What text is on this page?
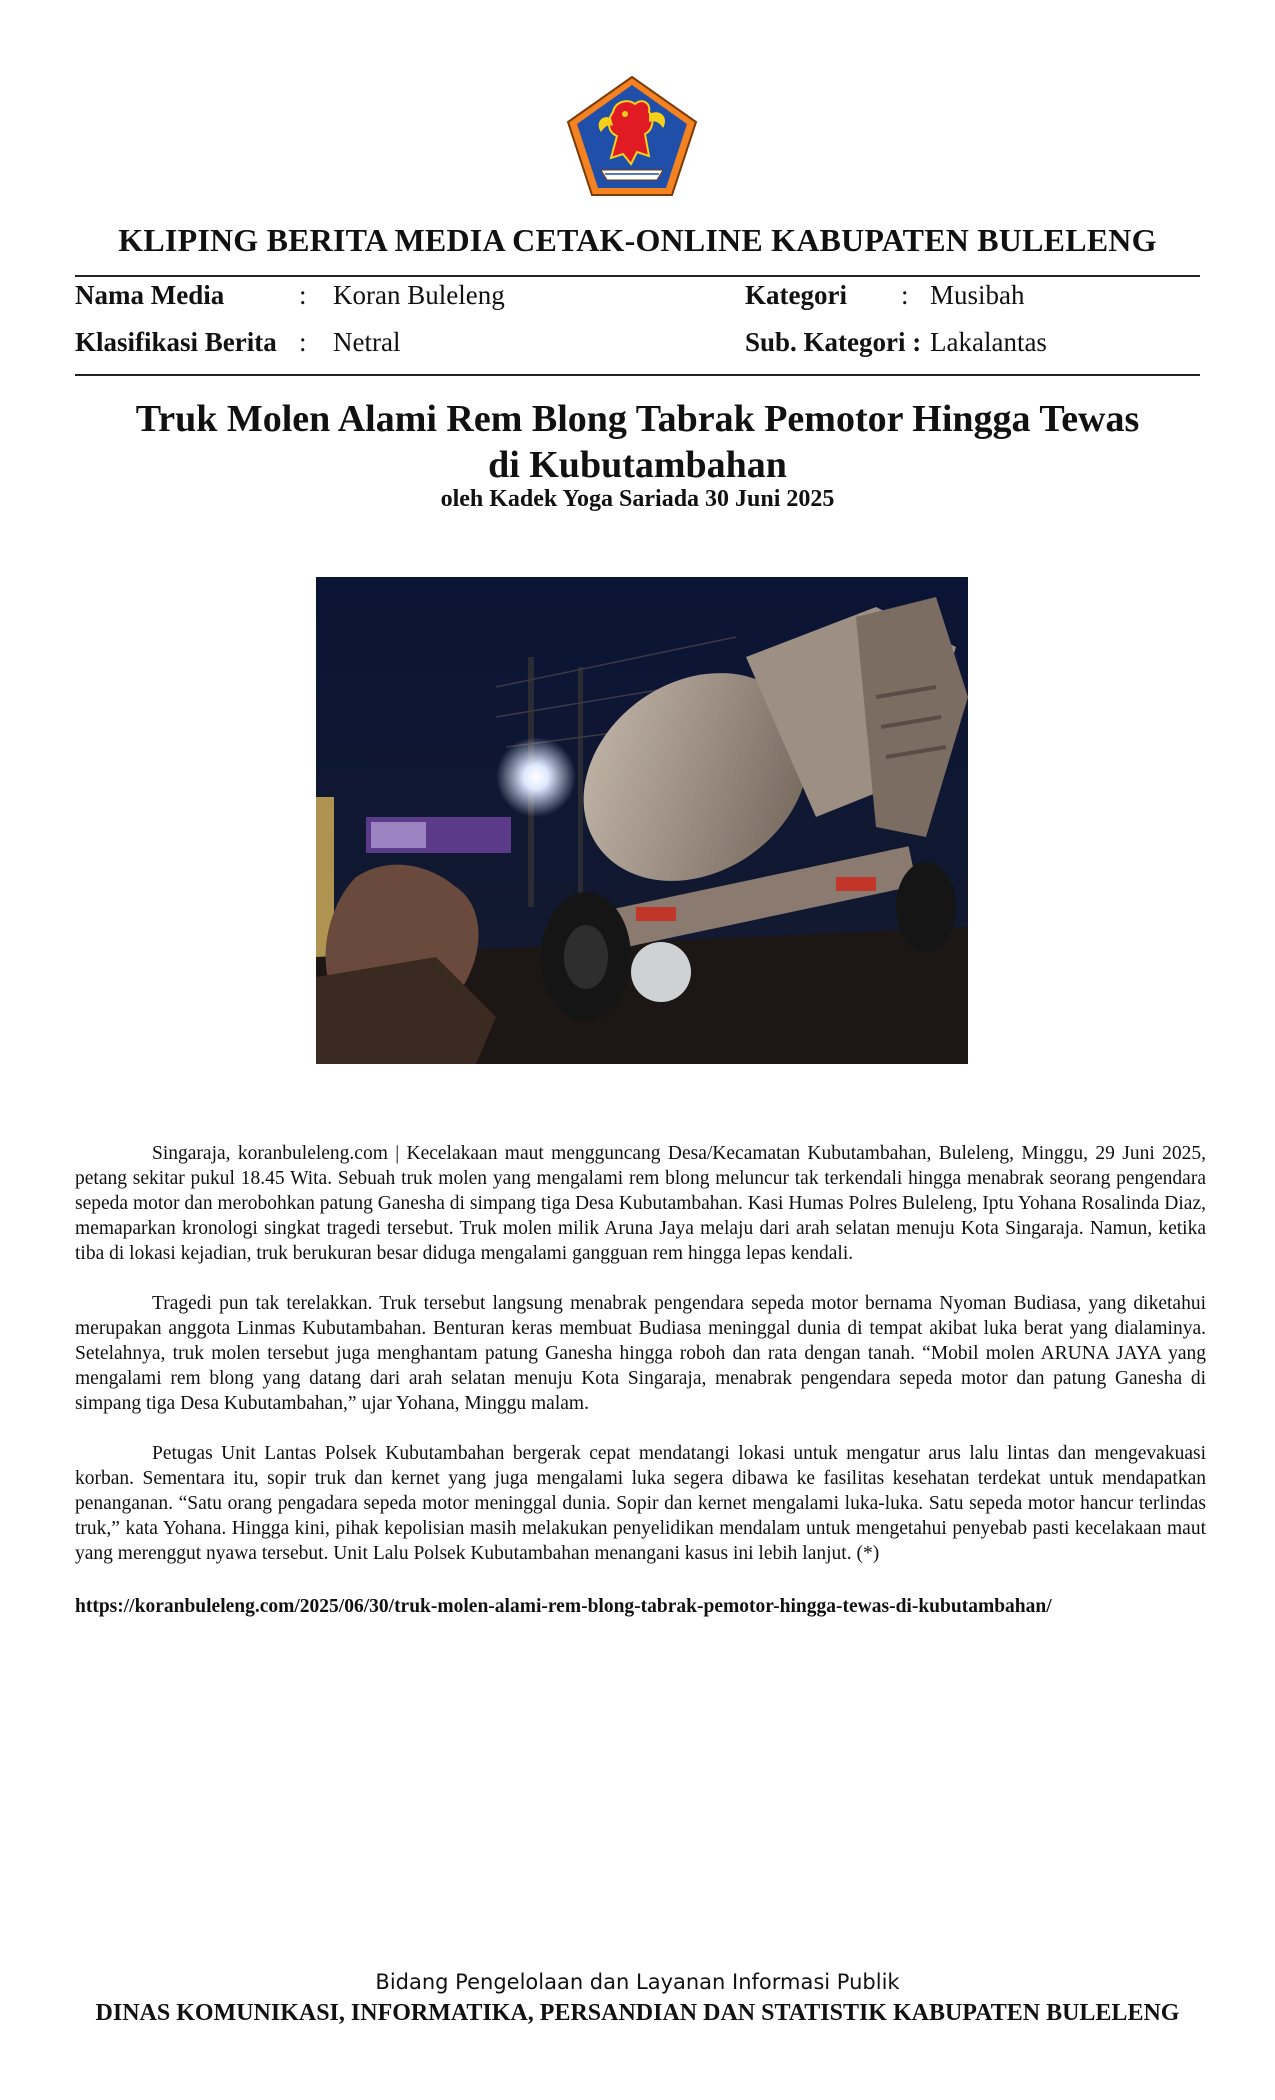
KLIPING BERITA MEDIA CETAK-ONLINE KABUPATEN BULELENG
Nama Media	: Koran Buleleng
Klasifikasi Berita : Netral
Kategori : Musibah
Sub. Kategori : Lakalantas
Truk Molen Alami Rem Blong Tabrak Pemotor Hingga Tewas
di Kubutambahan
oleh Kadek Yoga Sariada 30 Juni 2025

Singaraja, koranbuleleng.com | Kecelakaan maut mengguncang Desa/Kecamatan Kubutambahan, Buleleng, Minggu, 29 Juni 2025, petang sekitar pukul 18.45 Wita. Sebuah truk molen yang mengalami rem blong meluncur tak terkendali hingga menabrak seorang pengendara sepeda motor dan merobohkan patung Ganesha di simpang tiga Desa Kubutambahan. Kasi Humas Polres Buleleng, Iptu Yohana Rosalinda Diaz, memaparkan kronologi singkat tragedi tersebut. Truk molen milik Aruna Jaya melaju dari arah selatan menuju Kota Singaraja. Namun, ketika tiba di lokasi kejadian, truk berukuran besar diduga mengalami gangguan rem hingga lepas kendali.

Tragedi pun tak terelakkan. Truk tersebut langsung menabrak pengendara sepeda motor bernama Nyoman Budiasa, yang diketahui merupakan anggota Linmas Kubutambahan. Benturan keras membuat Budiasa meninggal dunia di tempat akibat luka berat yang dialaminya. Setelahnya, truk molen tersebut juga menghantam patung Ganesha hingga roboh dan rata dengan tanah. “Mobil molen ARUNA JAYA yang mengalami rem blong yang datang dari arah selatan menuju Kota Singaraja, menabrak pengendara sepeda motor dan patung Ganesha di simpang tiga Desa Kubutambahan,” ujar Yohana, Minggu malam.

Petugas Unit Lantas Polsek Kubutambahan bergerak cepat mendatangi lokasi untuk mengatur arus lalu lintas dan mengevakuasi korban. Sementara itu, sopir truk dan kernet yang juga mengalami luka segera dibawa ke fasilitas kesehatan terdekat untuk mendapatkan penanganan. “Satu orang pengadara sepeda motor meninggal dunia. Sopir dan kernet mengalami luka-luka. Satu sepeda motor hancur terlindas truk,” kata Yohana. Hingga kini, pihak kepolisian masih melakukan penyelidikan mendalam untuk mengetahui penyebab pasti kecelakaan maut yang merenggut nyawa tersebut. Unit Lalu Polsek Kubutambahan menangani kasus ini lebih lanjut. (*)

https://koranbuleleng.com/2025/06/30/truk-molen-alami-rem-blong-tabrak-pemotor-hingga-tewas-di-kubutambahan/
Bidang Pengelolaan dan Layanan Informasi Publik
DINAS KOMUNIKASI, INFORMATIKA, PERSANDIAN DAN STATISTIK KABUPATEN BULELENG
